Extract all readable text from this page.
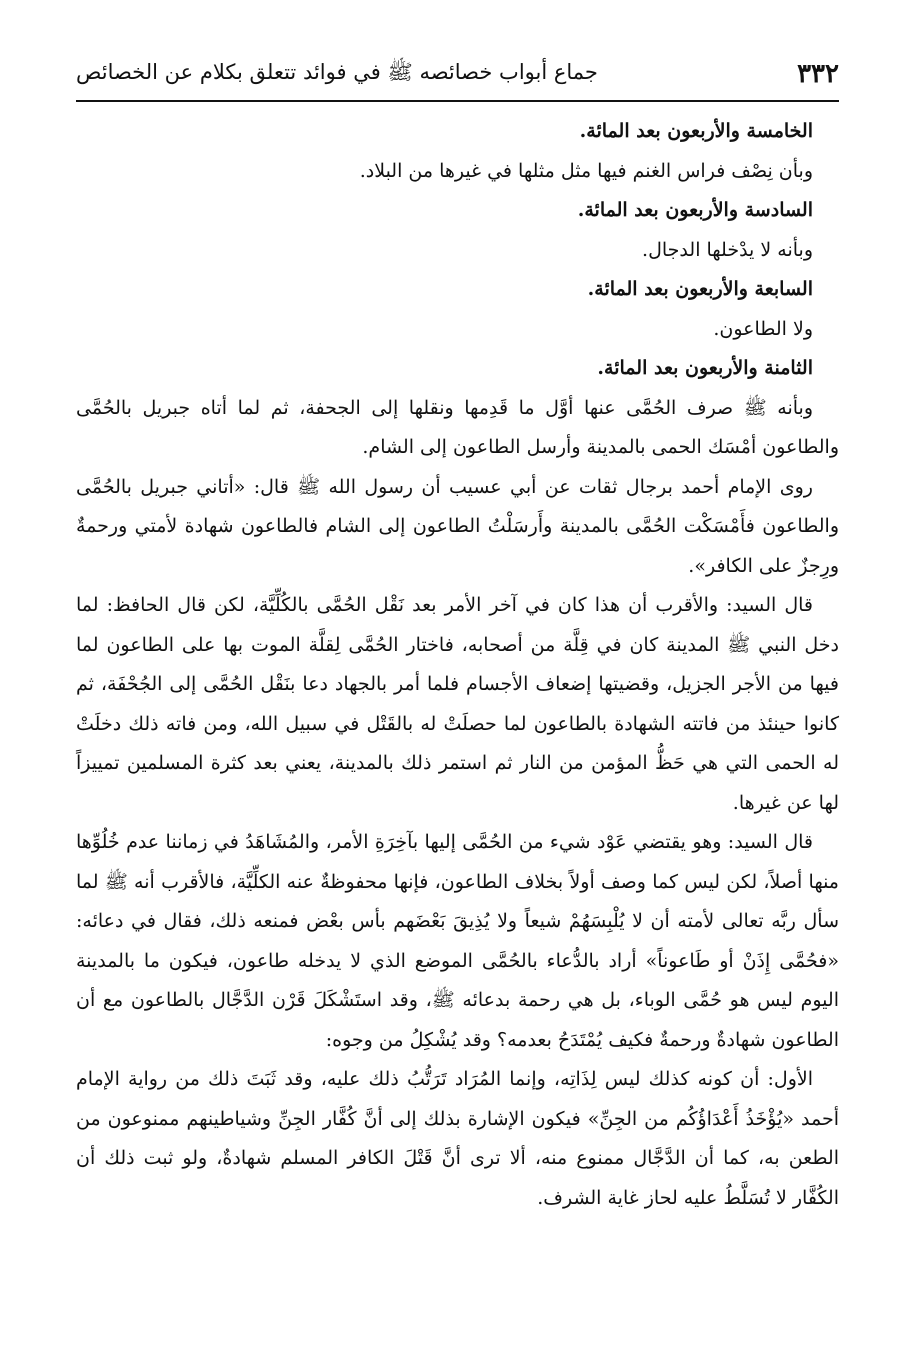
٣٣٢
جماع أبواب خصائصه ﷺ في فوائد تتعلق بكلام عن الخصائص

الخامسة والأربعون بعد المائة.

وبأن نِصْف فراس الغنم فيها مثل مثلها في غيرها من البلاد.

السادسة والأربعون بعد المائة.

وبأنه لا يدْخلها الدجال.

السابعة والأربعون بعد المائة.

ولا الطاعون.

الثامنة والأربعون بعد المائة.

وبأنه ﷺ صرف الحُمَّى عنها أوَّل ما قَدِمها ونقلها إلى الجحفة، ثم لما أتاه جبريل بالحُمَّى والطاعون أمْسَك الحمى بالمدينة وأرسل الطاعون إلى الشام.

روى الإمام أحمد برجال ثقات عن أبي عسيب أن رسول الله ﷺ قال: «أتاني جبريل بالحُمَّى والطاعون فأَمْسَكْت الحُمَّى بالمدينة وأَرسَلْتُ الطاعون إلى الشام فالطاعون شهادة لأمتي ورحمةٌ ورِجزٌ على الكافر».

قال السيد: والأقرب أن هذا كان في آخر الأمر بعد نَقْل الحُمَّى بالكُلِّيَّة، لكن قال الحافظ: لما دخل النبي ﷺ المدينة كان في قِلَّة من أصحابه، فاختار الحُمَّى لِقلَّة الموت بها على الطاعون لما فيها من الأجر الجزيل، وقضيتها إضعاف الأجسام فلما أمر بالجهاد دعا بنَقْل الحُمَّى إلى الجُحْفَة، ثم كانوا حينئذ من فاتته الشهادة بالطاعون لما حصلَتْ له بالقَتْل في سبيل الله، ومن فاته ذلك دخلَتْ له الحمى التي هي حَظُّ المؤمن من النار ثم استمر ذلك بالمدينة، يعني بعد كثرة المسلمين تمييزاً لها عن غيرها.

قال السيد: وهو يقتضي عَوْد شيء من الحُمَّى إليها بآخِرَةِ الأمر، والمُشَاهَدُ في زماننا عدم خُلُوِّها منها أصلاً، لكن ليس كما وصف أولاً بخلاف الطاعون، فإنها محفوظةٌ عنه الكلِّيَّة، فالأقرب أنه ﷺ لما سأل ربَّه تعالى لأمته أن لا يُلْبِسَهُمْ شيعاً ولا يُذِيقَ بَعْضَهم بأس بعْض فمنعه ذلك، فقال في دعائه: «فحُمَّى إِذَنْ أو طَاعوناً» أراد بالدُّعاء بالحُمَّى الموضع الذي لا يدخله طاعون، فيكون ما بالمدينة اليوم ليس هو حُمَّى الوباء، بل هي رحمة بدعائه ﷺ، وقد استَشْكَلَ قَرْن الدَّجَّال بالطاعون مع أن الطاعون شهادةٌ ورحمةٌ فكيف يُمْتَدَحُ بعدمه؟ وقد يُشْكِلُ من وجوه:

الأول: أن كونه كذلك ليس لِذَاتِه، وإنما المُرَاد تَرَتُّبُ ذلك عليه، وقد ثَبَتَ ذلك من رواية الإمام أحمد «يُؤْخَذُ أَعْدَاؤُكُم من الجِنِّ» فيكون الإشارة بذلك إلى أنَّ كُفَّار الجِنِّ وشياطينهم ممنوعون من الطعن به، كما أن الدَّجَّال ممنوع منه، ألا ترى أنَّ قَتْلَ الكافر المسلم شهادةٌ، ولو ثبت ذلك أن الكُفَّار لا تُسَلَّطُ عليه لحاز غاية الشرف.
